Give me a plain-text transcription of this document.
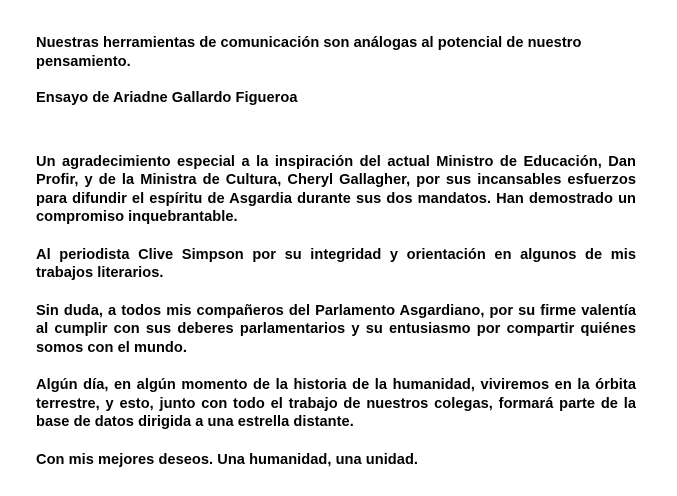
Nuestras herramientas de comunicación son análogas al potencial de nuestro pensamiento.

Ensayo de Ariadne Gallardo Figueroa

Un agradecimiento especial a la inspiración del actual Ministro de Educación, Dan Profir, y de la Ministra de Cultura, Cheryl Gallagher, por sus incansables esfuerzos para difundir el espíritu de Asgardia durante sus dos mandatos. Han demostrado un compromiso inquebrantable.

Al periodista Clive Simpson por su integridad y orientación en algunos de mis trabajos literarios.

Sin duda, a todos mis compañeros del Parlamento Asgardiano, por su firme valentía al cumplir con sus deberes parlamentarios y su entusiasmo por compartir quiénes somos con el mundo.

Algún día, en algún momento de la historia de la humanidad, viviremos en la órbita terrestre, y esto, junto con todo el trabajo de nuestros colegas, formará parte de la base de datos dirigida a una estrella distante.

Con mis mejores deseos. Una humanidad, una unidad.
